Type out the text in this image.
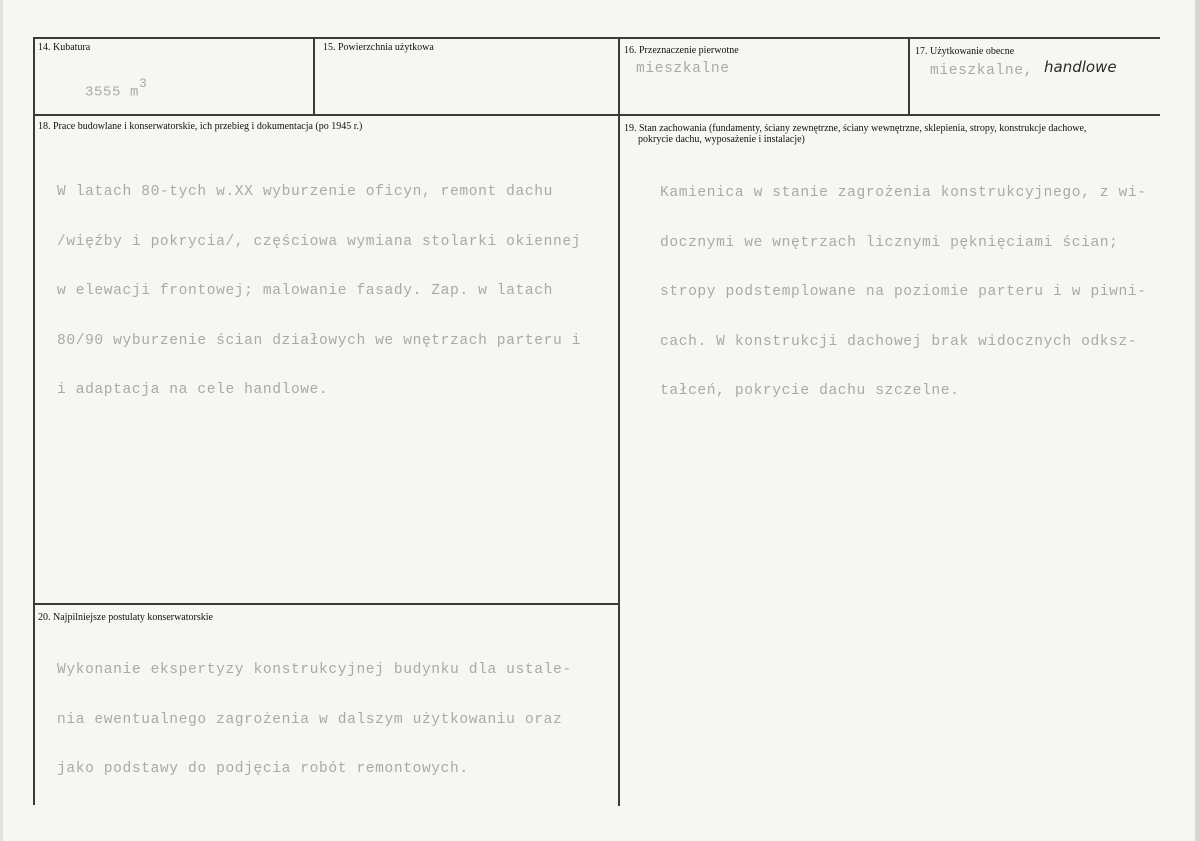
14. Kubatura

3555 $m^3$

15. Powierzchnia użytkowa	16. Przeznaczenie pierwotne
mieszkalne
17. Użytkowanie obecne
mieszkalne, handlowe
18. Prace budowlane i konserwatorskie, ich przebieg i dokumentacja (po 1945 r.)

W latach 80-tych w.XX wyburzenie oficyn, remont dachu

/więźby i pokrycia/, częściowa wymiana stolarki okiennej

w elewacji frontowej; malowanie fasady. Zap. w latach

80/90 wyburzenie ścian działowych we wnętrzach parteru i

i adaptacja na cele handlowe.

19. Stan zachowania (fundamenty, ściany zewnętrzne, ściany wewnętrzne, sklepienia, stropy, konstrukcje dachowe,
pokrycie dachu, wyposażenie i instalacje)

Kamienica w stanie zagrożenia konstrukcyjnego, z wi-

docznymi we wnętrzach licznymi pęknięciami ścian;

stropy podstemplowane na poziomie parteru i w piwni-

cach. W konstrukcji dachowej brak widocznych odksz-

tałceń, pokrycie dachu szczelne.

20. Najpilniejsze postulaty konserwatorskie

Wykonanie ekspertyzy konstrukcyjnej budynku dla ustale-

nia ewentualnego zagrożenia w dalszym użytkowaniu oraz

jako podstawy do podjęcia robót remontowych.
